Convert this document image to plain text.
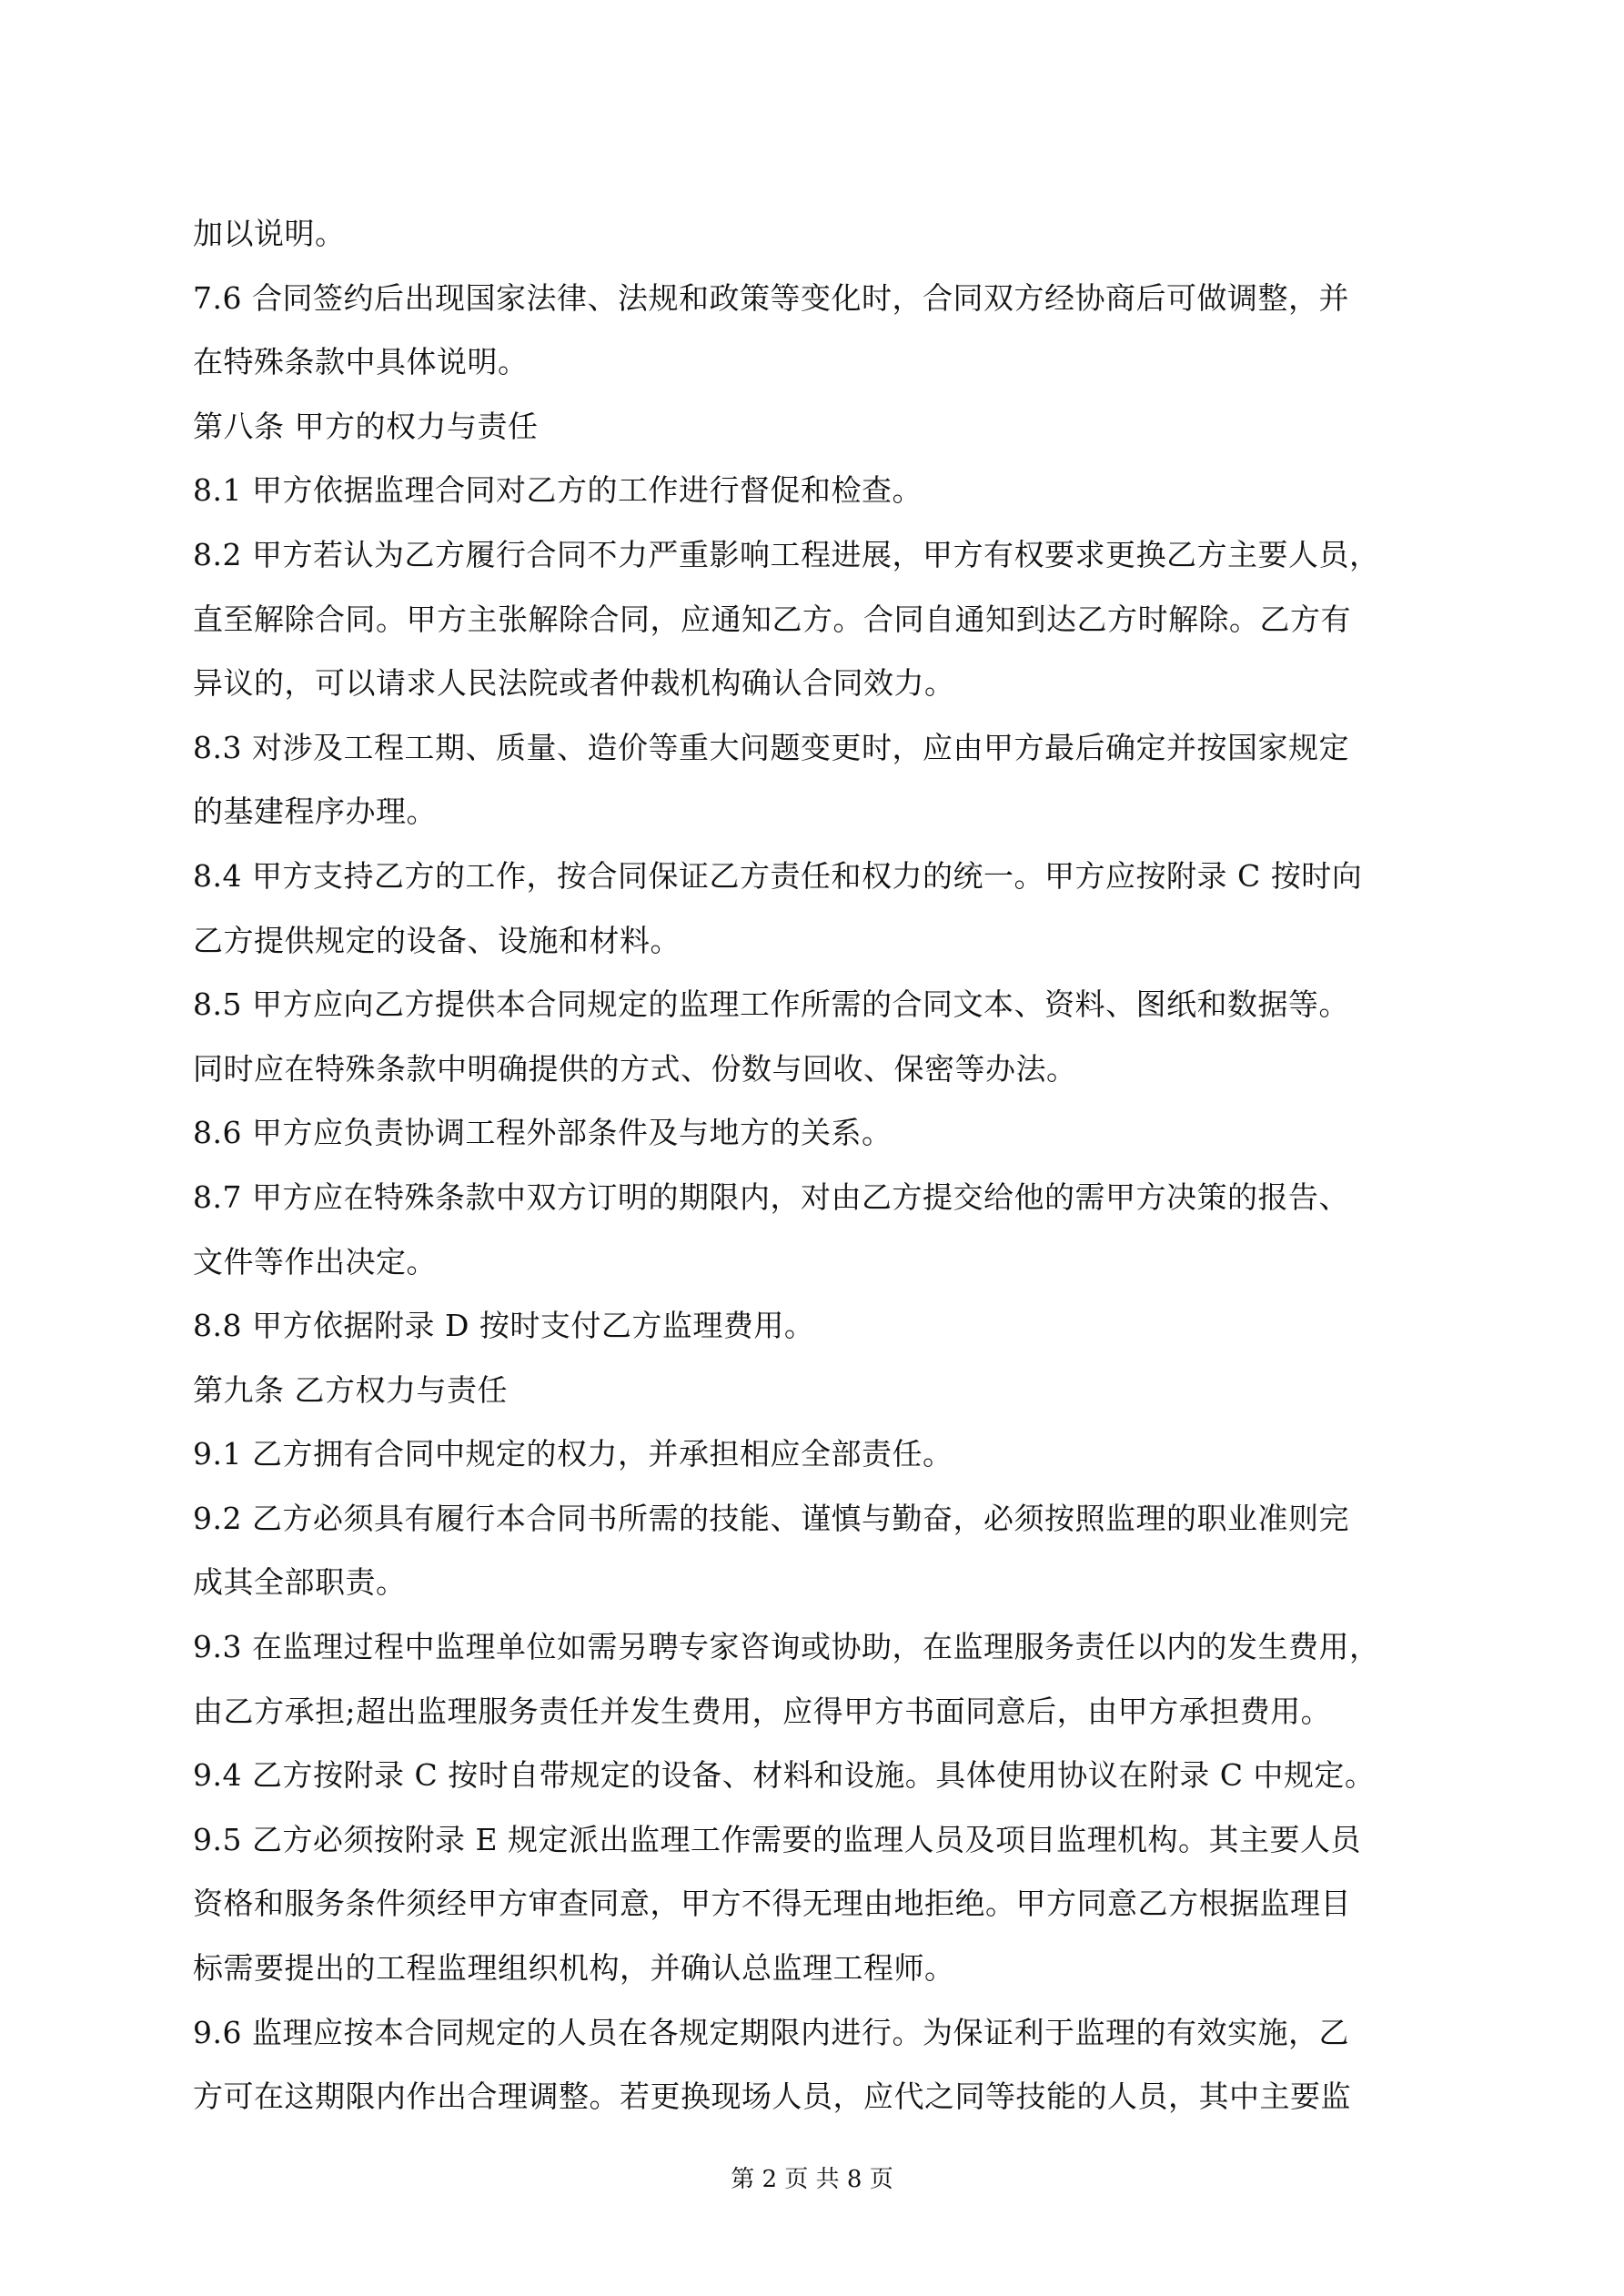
加以说明。
7.6 合同签约后出现国家法律、法规和政策等变化时，合同双方经协商后可做调整，并
在特殊条款中具体说明。
第八条 甲方的权力与责任
8.1 甲方依据监理合同对乙方的工作进行督促和检查。
8.2 甲方若认为乙方履行合同不力严重影响工程进展，甲方有权要求更换乙方主要人员，
直至解除合同。甲方主张解除合同，应通知乙方。合同自通知到达乙方时解除。乙方有
异议的，可以请求人民法院或者仲裁机构确认合同效力。
8.3 对涉及工程工期、质量、造价等重大问题变更时，应由甲方最后确定并按国家规定
的基建程序办理。
8.4 甲方支持乙方的工作，按合同保证乙方责任和权力的统一。甲方应按附录 C 按时向
乙方提供规定的设备、设施和材料。
8.5 甲方应向乙方提供本合同规定的监理工作所需的合同文本、资料、图纸和数据等。
同时应在特殊条款中明确提供的方式、份数与回收、保密等办法。
8.6 甲方应负责协调工程外部条件及与地方的关系。
8.7 甲方应在特殊条款中双方订明的期限内，对由乙方提交给他的需甲方决策的报告、
文件等作出决定。
8.8 甲方依据附录 D 按时支付乙方监理费用。
第九条 乙方权力与责任
9.1 乙方拥有合同中规定的权力，并承担相应全部责任。
9.2 乙方必须具有履行本合同书所需的技能、谨慎与勤奋，必须按照监理的职业准则完
成其全部职责。
9.3 在监理过程中监理单位如需另聘专家咨询或协助，在监理服务责任以内的发生费用，
由乙方承担;超出监理服务责任并发生费用，应得甲方书面同意后，由甲方承担费用。
9.4 乙方按附录 C 按时自带规定的设备、材料和设施。具体使用协议在附录 C 中规定。
9.5 乙方必须按附录 E 规定派出监理工作需要的监理人员及项目监理机构。其主要人员
资格和服务条件须经甲方审查同意，甲方不得无理由地拒绝。甲方同意乙方根据监理目
标需要提出的工程监理组织机构，并确认总监理工程师。
9.6 监理应按本合同规定的人员在各规定期限内进行。为保证利于监理的有效实施，乙
方可在这期限内作出合理调整。若更换现场人员，应代之同等技能的人员，其中主要监
第 2 页 共 8 页
